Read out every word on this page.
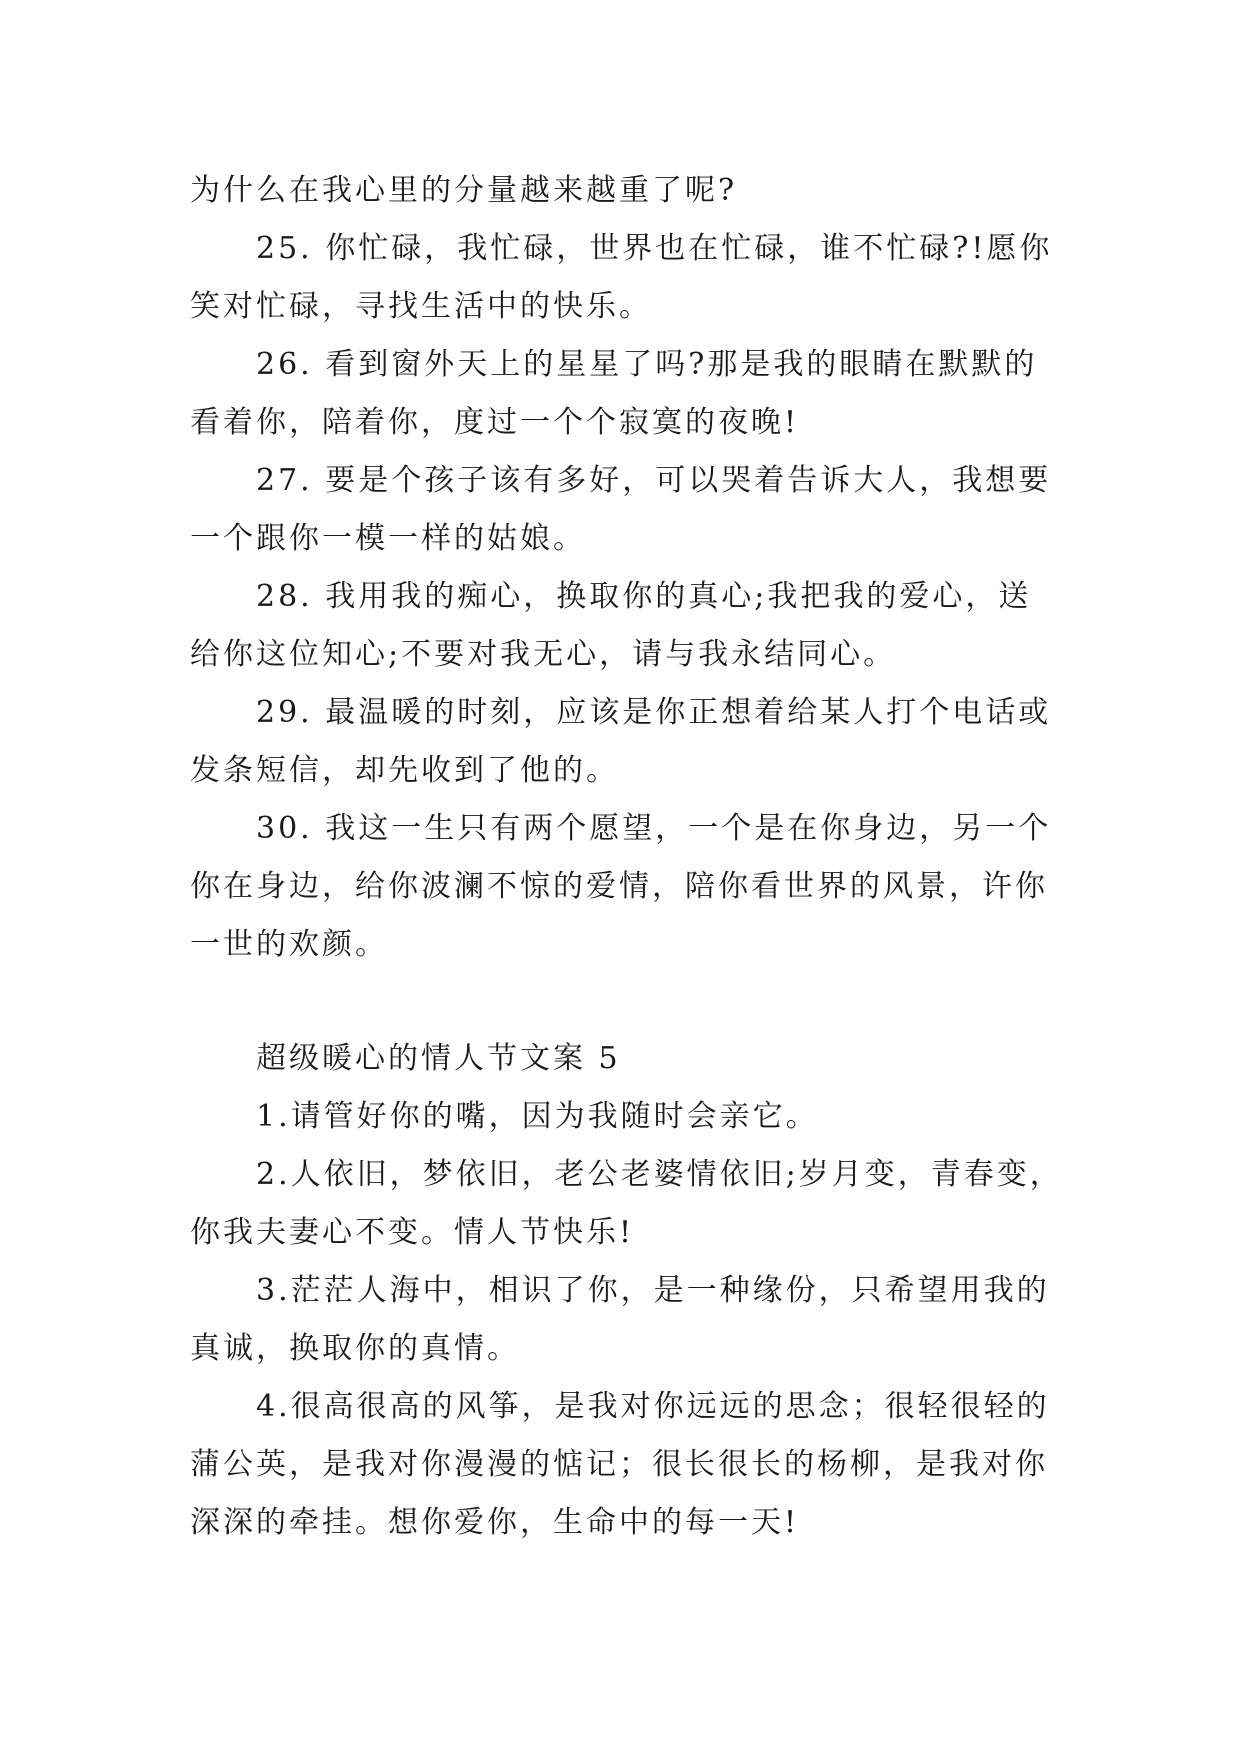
为什么在我心里的分量越来越重了呢?
25. 你忙碌，我忙碌，世界也在忙碌，谁不忙碌?!愿你
笑对忙碌，寻找生活中的快乐。
26. 看到窗外天上的星星了吗?那是我的眼睛在默默的
看着你，陪着你，度过一个个寂寞的夜晚!
27. 要是个孩子该有多好，可以哭着告诉大人，我想要
一个跟你一模一样的姑娘。
28. 我用我的痴心，换取你的真心;我把我的爱心，送
给你这位知心;不要对我无心，请与我永结同心。
29. 最温暖的时刻，应该是你正想着给某人打个电话或
发条短信，却先收到了他的。
30. 我这一生只有两个愿望，一个是在你身边，另一个
你在身边，给你波澜不惊的爱情，陪你看世界的风景，许你
一世的欢颜。
超级暖心的情人节文案 5
1.请管好你的嘴，因为我随时会亲它。
2.人依旧，梦依旧，老公老婆情依旧;岁月变，青春变，
你我夫妻心不变。情人节快乐!
3.茫茫人海中，相识了你，是一种缘份，只希望用我的
真诚，换取你的真情。
4.很高很高的风筝，是我对你远远的思念；很轻很轻的
蒲公英，是我对你漫漫的惦记；很长很长的杨柳，是我对你
深深的牵挂。想你爱你，生命中的每一天!
